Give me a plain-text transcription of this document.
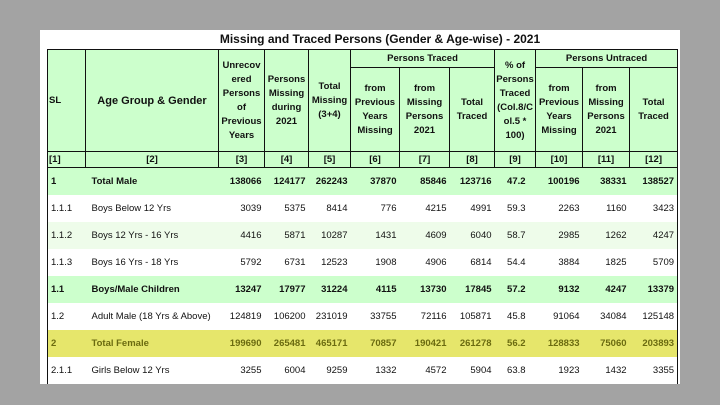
Missing and Traced Persons (Gender & Age-wise) - 2021
SL	Age Group & Gender	Unrecov ered Persons of Previous Years	Persons Missing during 2021	Total Missing (3+4)	Persons Traced			% of Persons Traced (Col.8/C ol.5 * 100)	Persons Untraced		
					from Previous Years Missing	from Missing Persons 2021	Total Traced		from Previous Years Missing	from Missing Persons 2021	Total Traced
[1]	[2]	[3]	[4]	[5]	[6]	[7]	[8]	[9]	[10]	[11]	[12]
1	Total Male	138066	124177	262243	37870	85846	123716	47.2	100196	38331	138527
1.1.1	Boys Below 12 Yrs	3039	5375	8414	776	4215	4991	59.3	2263	1160	3423
1.1.2	Boys 12 Yrs - 16 Yrs	4416	5871	10287	1431	4609	6040	58.7	2985	1262	4247
1.1.3	Boys 16 Yrs - 18 Yrs	5792	6731	12523	1908	4906	6814	54.4	3884	1825	5709
1.1	Boys/Male Children	13247	17977	31224	4115	13730	17845	57.2	9132	4247	13379
1.2	Adult Male (18 Yrs & Above)	124819	106200	231019	33755	72116	105871	45.8	91064	34084	125148
2	Total Female	199690	265481	465171	70857	190421	261278	56.2	128833	75060	203893
2.1.1	Girls Below 12 Yrs	3255	6004	9259	1332	4572	5904	63.8	1923	1432	3355
